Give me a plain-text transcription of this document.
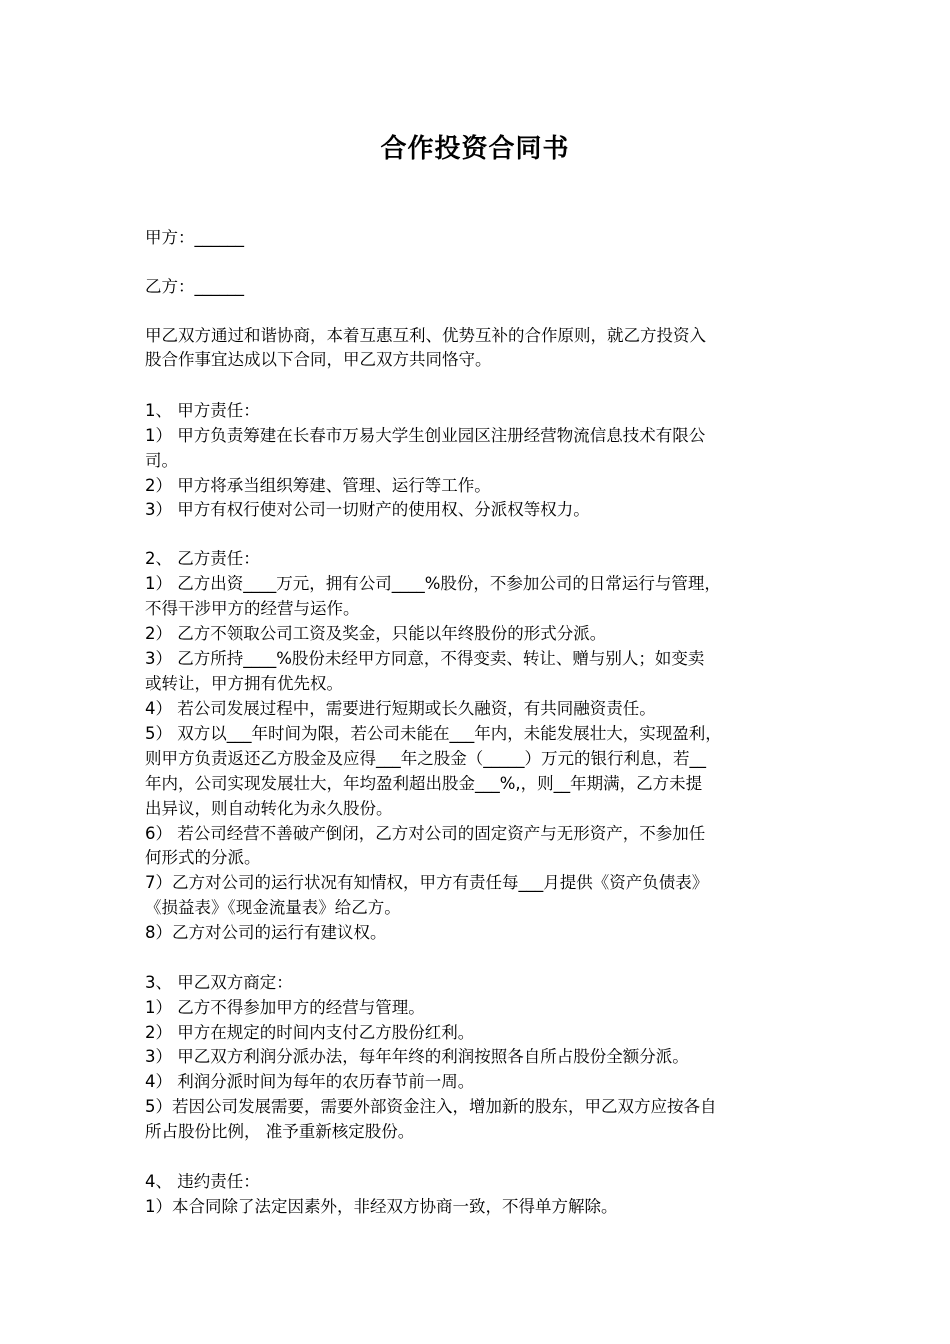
合作投资合同书

甲方：______

乙方：______

甲乙双方通过和谐协商，本着互惠互利、优势互补的合作原则，就乙方投资入

股合作事宜达成以下合同，甲乙双方共同恪守。

1、 甲方责任：

1） 甲方负责筹建在长春市万易大学生创业园区注册经营物流信息技术有限公

司。

2） 甲方将承当组织筹建、管理、运行等工作。

3） 甲方有权行使对公司一切财产的使用权、分派权等权力。

2、 乙方责任：

1） 乙方出资____万元，拥有公司____%股份，不参加公司的日常运行与管理，

不得干涉甲方的经营与运作。

2） 乙方不领取公司工资及奖金，只能以年终股份的形式分派。

3） 乙方所持____%股份未经甲方同意，不得变卖、转让、赠与别人；如变卖

或转让，甲方拥有优先权。

4） 若公司发展过程中，需要进行短期或长久融资，有共同融资责任。

5） 双方以___年时间为限，若公司未能在___年内，未能发展壮大，实现盈利，

则甲方负责返还乙方股金及应得___年之股金（_____）万元的银行利息，若__

年内，公司实现发展壮大，年均盈利超出股金___%,，则__年期满，乙方未提

出异议，则自动转化为永久股份。

6） 若公司经营不善破产倒闭，乙方对公司的固定资产与无形资产，不参加任

何形式的分派。

7）乙方对公司的运行状况有知情权，甲方有责任每___月提供《资产负债表》

《损益表》《现金流量表》给乙方。

8）乙方对公司的运行有建议权。

3、 甲乙双方商定：

1） 乙方不得参加甲方的经营与管理。

2） 甲方在规定的时间内支付乙方股份红利。

3） 甲乙双方利润分派办法，每年年终的利润按照各自所占股份全额分派。

4） 利润分派时间为每年的农历春节前一周。

5）若因公司发展需要，需要外部资金注入，增加新的股东，甲乙双方应按各自

所占股份比例， 准予重新核定股份。

4、 违约责任：

1）本合同除了法定因素外，非经双方协商一致，不得单方解除。
